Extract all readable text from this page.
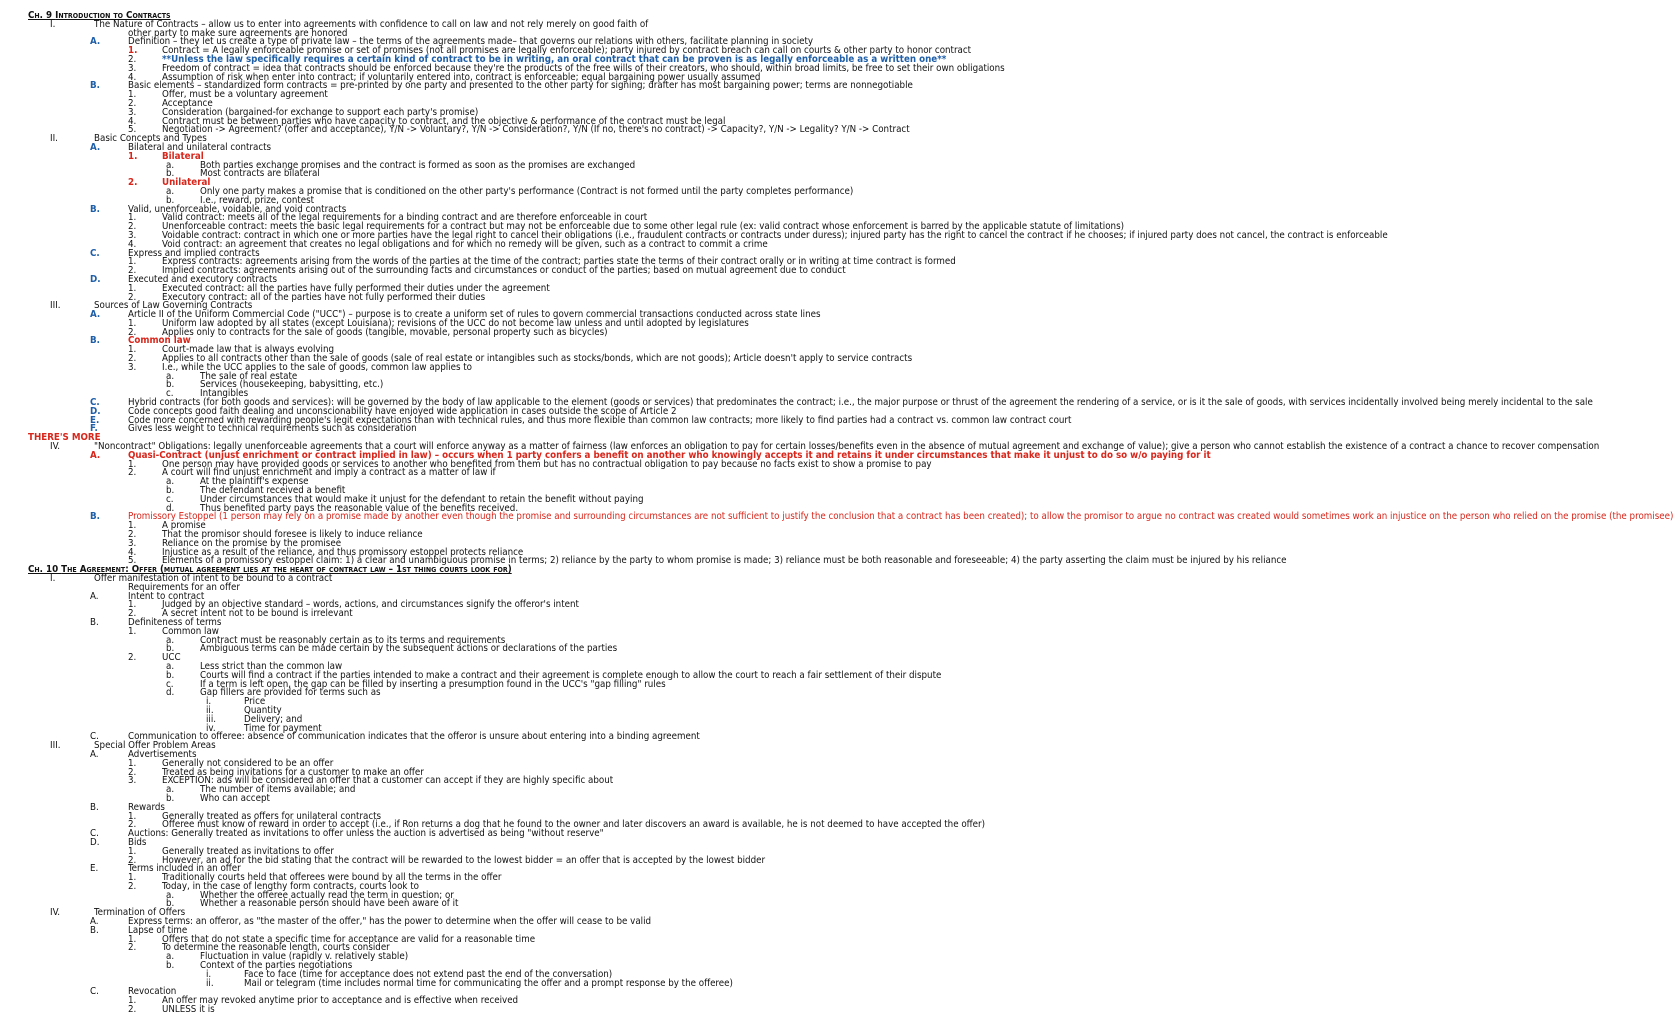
Ch. 9 Introduction to Contracts
I.	The Nature of Contracts – allow us to enter into agreements with confidence to call on law and not rely merely on good faith of
other party to make sure agreements are honored
A.	Definition – they let us create a type of private law – the terms of the agreements made– that governs our relations with others, facilitate planning in society
1.	Contract = A legally enforceable promise or set of promises (not all promises are legally enforceable); party injured by contract breach can call on courts & other party to honor contract
2.	**Unless the law specifically requires a certain kind of contract to be in writing, an oral contract that can be proven is as legally enforceable as a written one**
3.	Freedom of contract = idea that contracts should be enforced because they're the products of the free wills of their creators, who should, within broad limits, be free to set their own obligations
4.	Assumption of risk when enter into contract; if voluntarily entered into, contract is enforceable; equal bargaining power usually assumed
B.	Basic elements – standardized form contracts = pre-printed by one party and presented to the other party for signing; drafter has most bargaining power; terms are nonnegotiable
1.	Offer, must be a voluntary agreement
2.	Acceptance
3.	Consideration (bargained-for exchange to support each party's promise)
4.	Contract must be between parties who have capacity to contract, and the objective & performance of the contract must be legal
5.	Negotiation -> Agreement? (offer and acceptance), Y/N -> Voluntary?, Y/N -> Consideration?, Y/N (If no, there's no contract) -> Capacity?, Y/N -> Legality? Y/N -> Contract
II.	Basic Concepts and Types
A.	Bilateral and unilateral contracts
1.	Bilateral
a.	Both parties exchange promises and the contract is formed as soon as the promises are exchanged
b.	Most contracts are bilateral
2.	Unilateral
a.	Only one party makes a promise that is conditioned on the other party's performance (Contract is not formed until the party completes performance)
b.	I.e., reward, prize, contest
B.	Valid, unenforceable, voidable, and void contracts
1.	Valid contract: meets all of the legal requirements for a binding contract and are therefore enforceable in court
2.	Unenforceable contract: meets the basic legal requirements for a contract but may not be enforceable due to some other legal rule (ex: valid contract whose enforcement is barred by the applicable statute of limitations)
3.	Voidable contract: contract in which one or more parties have the legal right to cancel their obligations (i.e., fraudulent contracts or contracts under duress); injured party has the right to cancel the contract if he chooses; if injured party does not cancel, the contract is enforceable
4.	Void contract: an agreement that creates no legal obligations and for which no remedy will be given, such as a contract to commit a crime
C.	Express and implied contracts
1.	Express contracts: agreements arising from the words of the parties at the time of the contract; parties state the terms of their contract orally or in writing at time contract is formed
2.	Implied contracts: agreements arising out of the surrounding facts and circumstances or conduct of the parties; based on mutual agreement due to conduct
D.	Executed and executory contracts
1.	Executed contract: all the parties have fully performed their duties under the agreement
2.	Executory contract: all of the parties have not fully performed their duties
III.	Sources of Law Governing Contracts
A.	Article II of the Uniform Commercial Code ("UCC") – purpose is to create a uniform set of rules to govern commercial transactions conducted across state lines
1.	Uniform law adopted by all states (except Louisiana); revisions of the UCC do not become law unless and until adopted by legislatures
2.	Applies only to contracts for the sale of goods (tangible, movable, personal property such as bicycles)
B.	Common law
1.	Court-made law that is always evolving
2.	Applies to all contracts other than the sale of goods (sale of real estate or intangibles such as stocks/bonds, which are not goods); Article doesn't apply to service contracts
3.	I.e., while the UCC applies to the sale of goods, common law applies to
a.	The sale of real estate
b.	Services (housekeeping, babysitting, etc.)
c.	Intangibles
C.	Hybrid contracts (for both goods and services): will be governed by the body of law applicable to the element (goods or services) that predominates the contract; i.e., the major purpose or thrust of the agreement the rendering of a service, or is it the sale of goods, with services incidentally involved being merely incidental to the sale
D.	Code concepts good faith dealing and unconscionability have enjoyed wide application in cases outside the scope of Article 2
E.	Code more concerned with rewarding people's legit expectations than with technical rules, and thus more flexible than common law contracts; more likely to find parties had a contract vs. common law contract court
F.	Gives less weight to technical requirements such as consideration
THERE'S MORE
IV.	"Noncontract" Obligations: legally unenforceable agreements that a court will enforce anyway as a matter of fairness (law enforces an obligation to pay for certain losses/benefits even in the absence of mutual agreement and exchange of value); give a person who cannot establish the existence of a contract a chance to recover compensation
A.	Quasi-Contract (unjust enrichment or contract implied in law) – occurs when 1 party confers a benefit on another who knowingly accepts it and retains it under circumstances that make it unjust to do so w/o paying for it
1.	One person may have provided goods or services to another who benefited from them but has no contractual obligation to pay because no facts exist to show a promise to pay
2.	A court will find unjust enrichment and imply a contract as a matter of law if
a.	At the plaintiff's expense
b.	The defendant received a benefit
c.	Under circumstances that would make it unjust for the defendant to retain the benefit without paying
d.	Thus benefited party pays the reasonable value of the benefits received.
B.	Promissory Estoppel (1 person may rely on a promise made by another even though the promise and surrounding circumstances are not sufficient to justify the conclusion that a contract has been created); to allow the promisor to argue no contract was created would sometimes work an injustice on the person who relied on the promise (the promisee)
1.	A promise
2.	That the promisor should foresee is likely to induce reliance
3.	Reliance on the promise by the promisee
4.	Injustice as a result of the reliance, and thus promissory estoppel protects reliance
5.	Elements of a promissory estoppel claim: 1) a clear and unambiguous promise in terms; 2) reliance by the party to whom promise is made; 3) reliance must be both reasonable and foreseeable; 4) the party asserting the claim must be injured by his reliance
Ch. 10 The Agreement: Offer (mutual agreement lies at the heart of contract law – 1st thing courts look for)
I.	Offer manifestation of intent to be bound to a contract
Requirements for an offer
A.	Intent to contract
1.	Judged by an objective standard – words, actions, and circumstances signify the offeror's intent
2.	A secret intent not to be bound is irrelevant
B.	Definiteness of terms
1.	Common law
a.	Contract must be reasonably certain as to its terms and requirements
b.	Ambiguous terms can be made certain by the subsequent actions or declarations of the parties
2.	UCC
a.	Less strict than the common law
b.	Courts will find a contract if the parties intended to make a contract and their agreement is complete enough to allow the court to reach a fair settlement of their dispute
c.	If a term is left open, the gap can be filled by inserting a presumption found in the UCC's "gap filling" rules
d.	Gap fillers are provided for terms such as
i.	Price
ii.	Quantity
iii.	Delivery; and
iv.	Time for payment
C.	Communication to offeree: absence of communication indicates that the offeror is unsure about entering into a binding agreement
III.	Special Offer Problem Areas
A.	Advertisements
1.	Generally not considered to be an offer
2.	Treated as being invitations for a customer to make an offer
3.	EXCEPTION: ads will be considered an offer that a customer can accept if they are highly specific about
a.	The number of items available; and
b.	Who can accept
B.	Rewards
1.	Generally treated as offers for unilateral contracts
2.	Offeree must know of reward in order to accept (i.e., if Ron returns a dog that he found to the owner and later discovers an award is available, he is not deemed to have accepted the offer)
C.	Auctions: Generally treated as invitations to offer unless the auction is advertised as being "without reserve"
D.	Bids
1.	Generally treated as invitations to offer
2.	However, an ad for the bid stating that the contract will be rewarded to the lowest bidder = an offer that is accepted by the lowest bidder
E.	Terms included in an offer
1.	Traditionally courts held that offerees were bound by all the terms in the offer
2.	Today, in the case of lengthy form contracts, courts look to
a.	Whether the offeree actually read the term in question; or
b.	Whether a reasonable person should have been aware of it
IV.	Termination of Offers
A.	Express terms: an offeror, as "the master of the offer," has the power to determine when the offer will cease to be valid
B.	Lapse of time
1.	Offers that do not state a specific time for acceptance are valid for a reasonable time
2.	To determine the reasonable length, courts consider
a.	Fluctuation in value (rapidly v. relatively stable)
b.	Context of the parties negotiations
i.	Face to face (time for acceptance does not extend past the end of the conversation)
ii.	Mail or telegram (time includes normal time for communicating the offer and a prompt response by the offeree)
C.	Revocation
1.	An offer may revoked anytime prior to acceptance and is effective when received
2.	UNLESS it is
